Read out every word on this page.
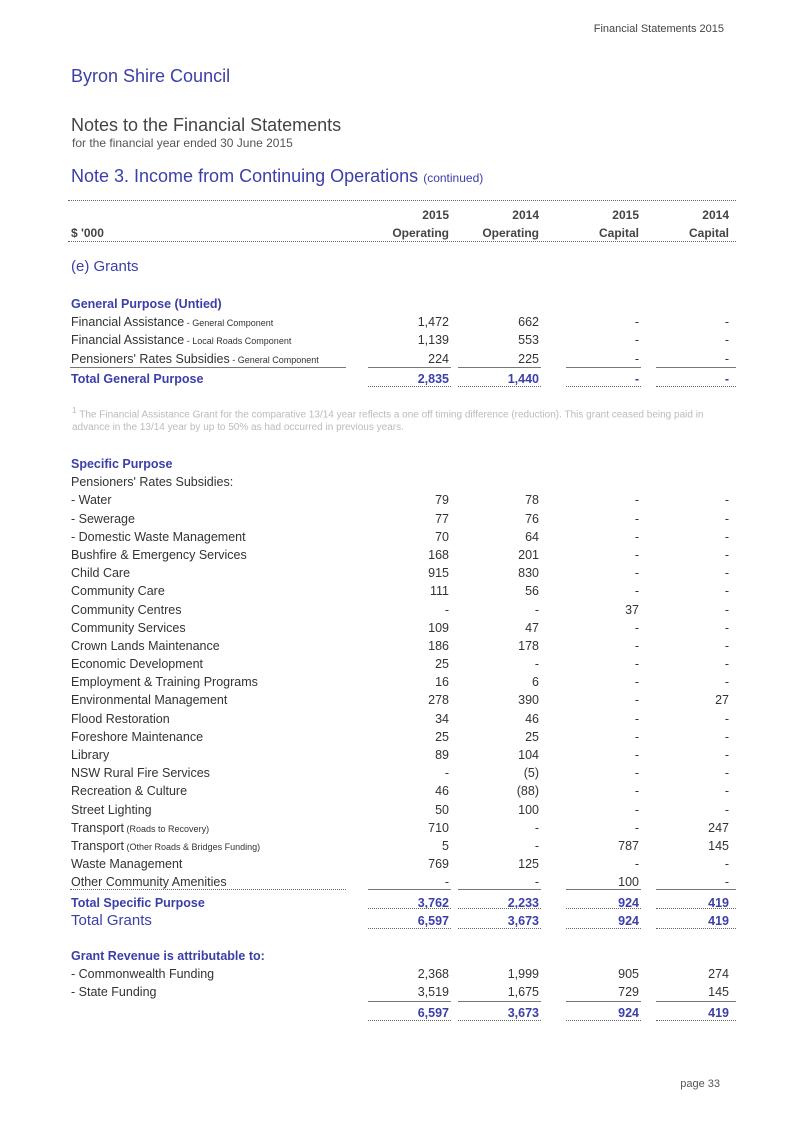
Financial Statements 2015
Byron Shire Council
Notes to the Financial Statements
for the financial year ended 30 June 2015
Note 3. Income from Continuing Operations (continued)
2015	2014	2015	2014
$ '000	Operating	Operating	Capital	Capital
(e) Grants
General Purpose (Untied)
Financial Assistance - General Component	1,472	662	-	-
Financial Assistance - Local Roads Component	1,139	553	-	-
Pensioners' Rates Subsidies - General Component	224	225	-	-
Total General Purpose	2,835	1,440	-	-
$^1$ The Financial Assistance Grant for the comparative 13/14 year reflects a one off timing difference (reduction). This grant ceased being paid in advance in the 13/14 year by up to 50% as had occurred in previous years.
Specific Purpose
Pensioners' Rates Subsidies:
- Water	79	78	-	-
- Sewerage	77	76	-	-
- Domestic Waste Management	70	64	-	-
Bushfire & Emergency Services	168	201	-	-
Child Care	915	830	-	-
Community Care	111	56	-	-
Community Centres	-	-	37	-
Community Services	109	47	-	-
Crown Lands Maintenance	186	178	-	-
Economic Development	25	-	-	-
Employment & Training Programs	16	6	-	-
Environmental Management	278	390	-	27
Flood Restoration	34	46	-	-
Foreshore Maintenance	25	25	-	-
Library	89	104	-	-
NSW Rural Fire Services	-	(5)	-	-
Recreation & Culture	46	(88)	-	-
Street Lighting	50	100	-	-
Transport (Roads to Recovery)	710	-	-	247
Transport (Other Roads & Bridges Funding)	5	-	787	145
Waste Management	769	125	-	-
Other Community Amenities	-	-	100	-
Total Specific Purpose	3,762	2,233	924	419
Total Grants	6,597	3,673	924	419
Grant Revenue is attributable to:
- Commonwealth Funding	2,368	1,999	905	274
- State Funding	3,519	1,675	729	145
6,597	3,673	924	419
page 33
